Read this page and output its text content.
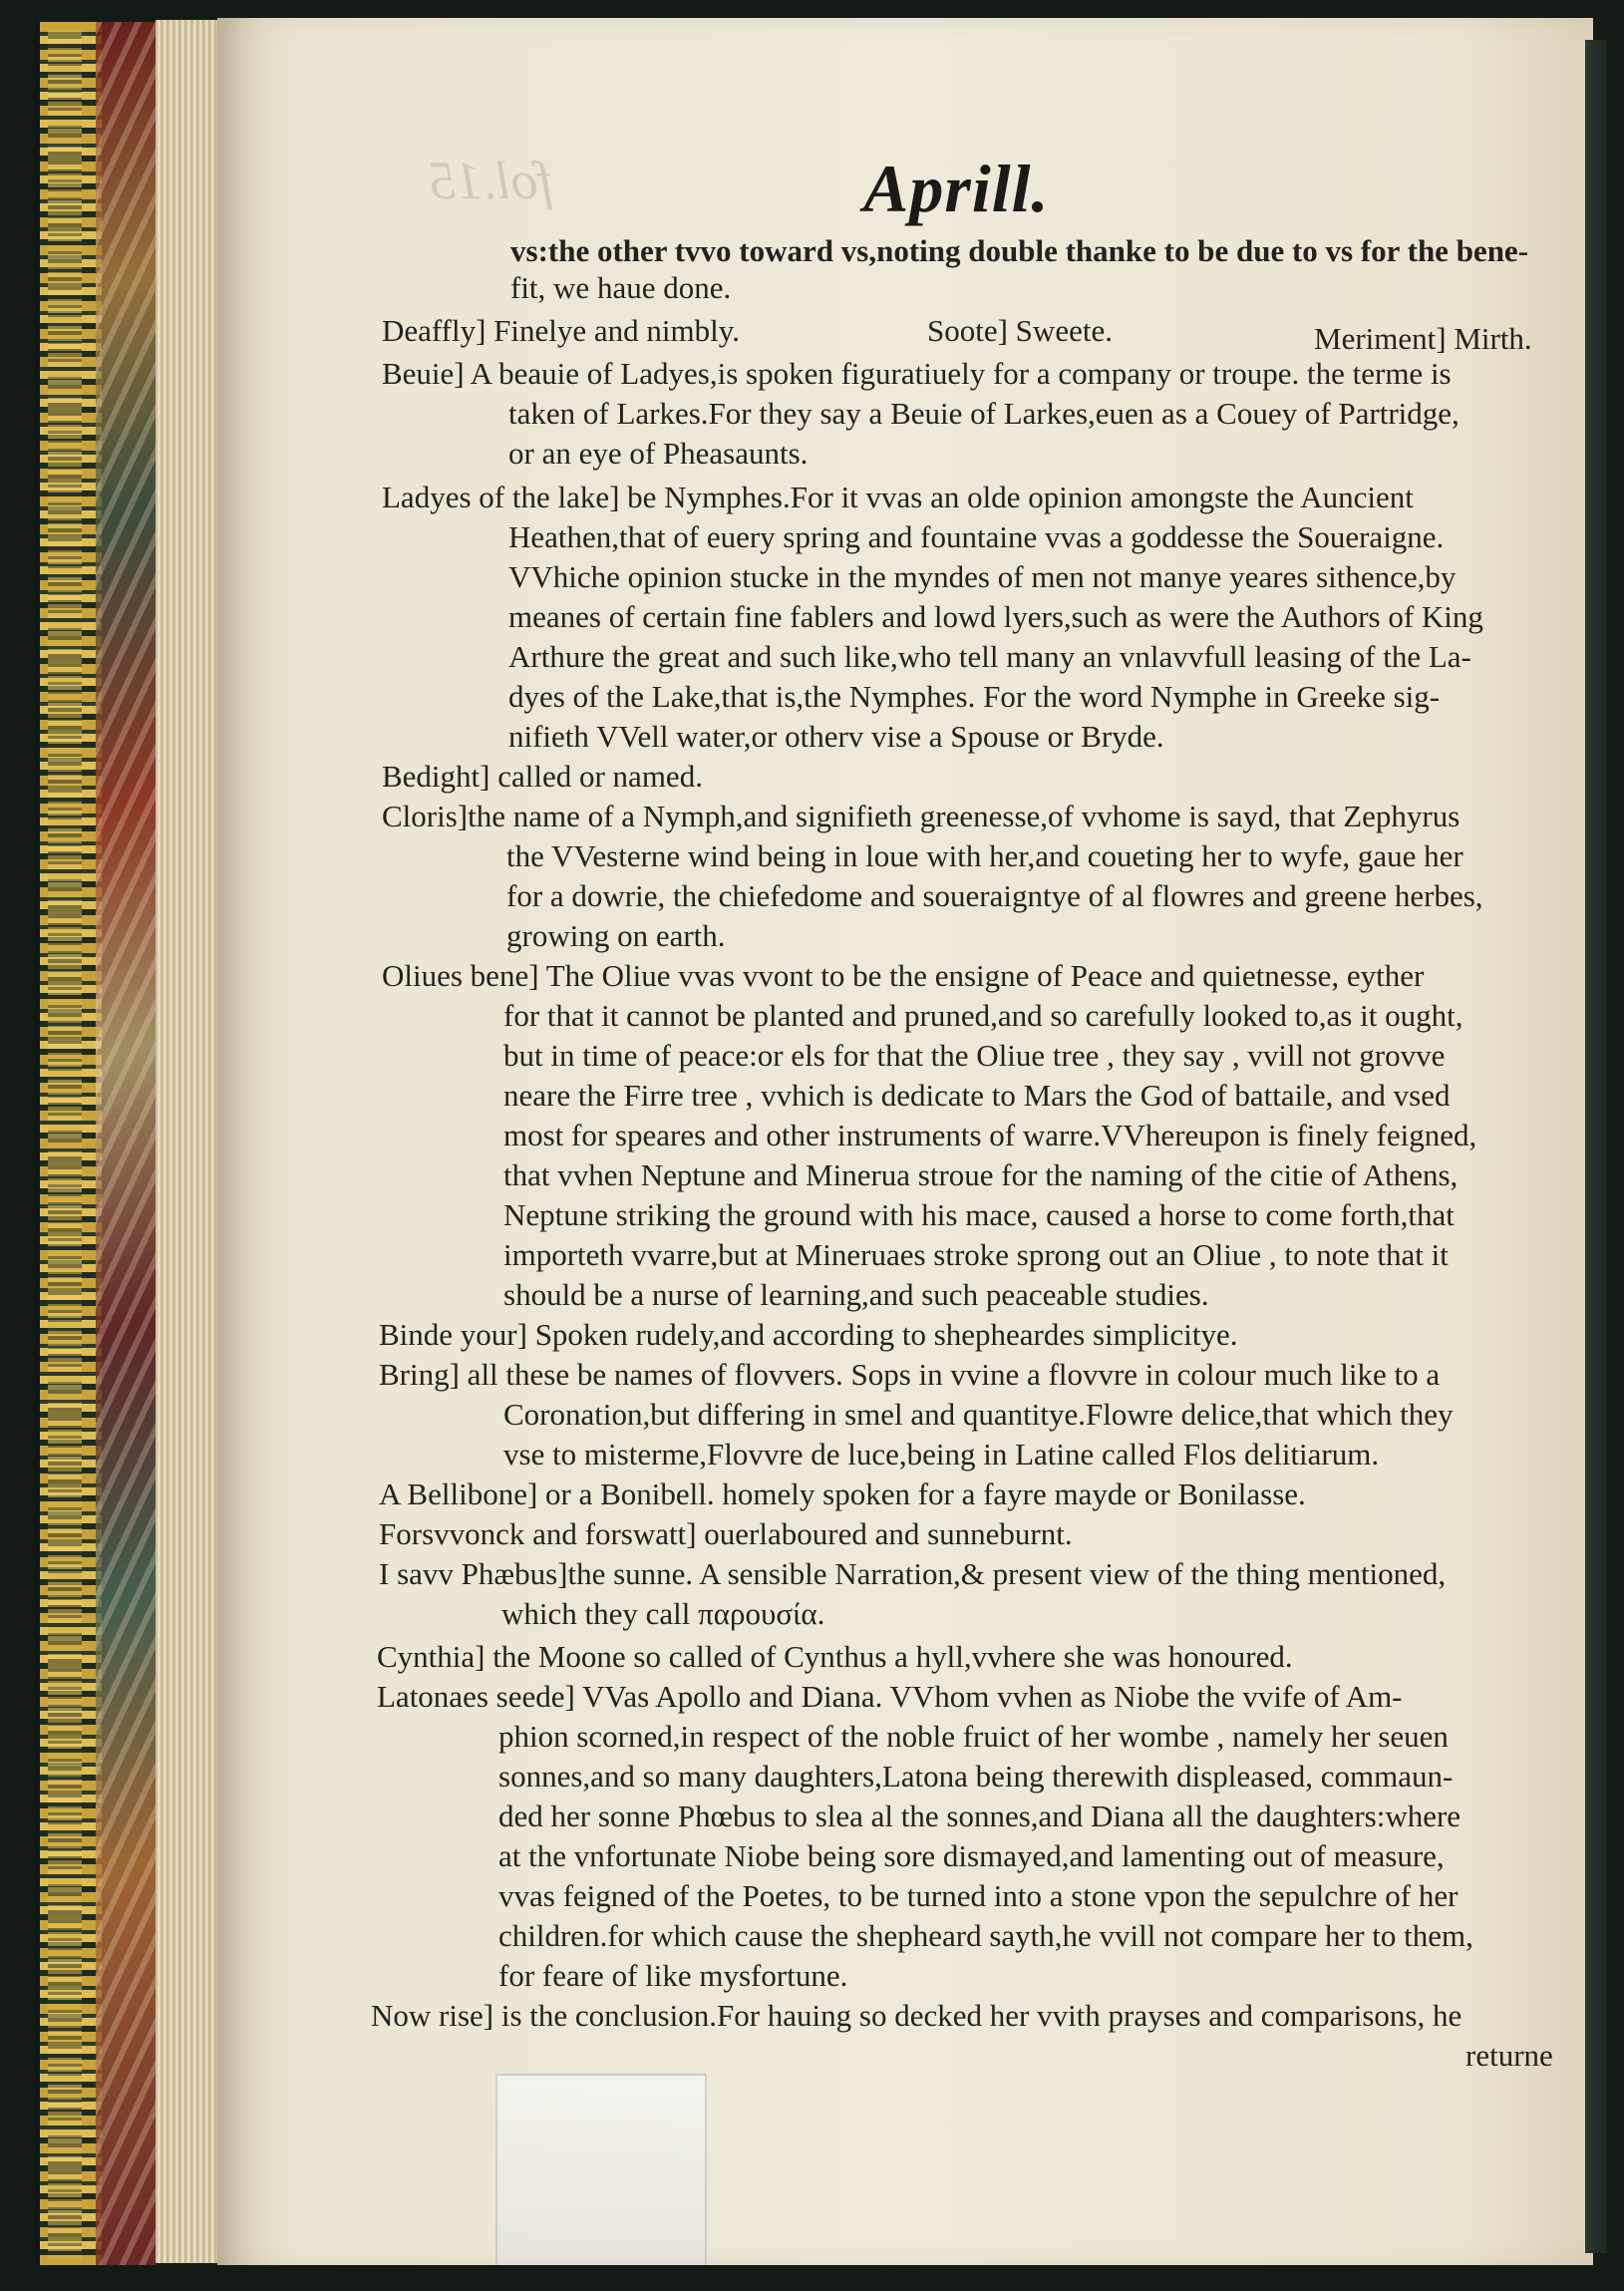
fol.15	Aprill.
vs:the other tvvo toward vs,noting double thanke to be due to vs for the bene-
fit, we haue done.
Deaffly] Finelye and nimbly.	Soote] Sweete.	Meriment] Mirth.
Beuie] A beauie of Ladyes,is spoken figuratiuely for a company or troupe. the terme is
taken of Larkes.For they say a Beuie of Larkes,euen as a Couey of Partridge,
or an eye of Pheasaunts.
Ladyes of the lake] be Nymphes.For it vvas an olde opinion amongste the Auncient
Heathen,that of euery spring and fountaine vvas a goddesse the Soueraigne.
VVhiche opinion stucke in the myndes of men not manye yeares sithence,by
meanes of certain fine fablers and lowd lyers,such as were the Authors of King
Arthure the great and such like,who tell many an vnlavvfull leasing of the La-
dyes of the Lake,that is,the Nymphes. For the word Nymphe in Greeke sig-
nifieth VVell water,or otherv vise a Spouse or Bryde.
Bedight] called or named.
Cloris]the name of a Nymph,and signifieth greenesse,of vvhome is sayd, that Zephyrus
the VVesterne wind being in loue with her,and coueting her to wyfe, gaue her
for a dowrie, the chiefedome and soueraigntye of al flowres and greene herbes,
growing on earth.
Oliues bene] The Oliue vvas vvont to be the ensigne of Peace and quietnesse, eyther
for that it cannot be planted and pruned,and so carefully looked to,as it ought,
but in time of peace:or els for that the Oliue tree , they say , vvill not grovve
neare the Firre tree , vvhich is dedicate to Mars the God of battaile, and vsed
most for speares and other instruments of warre.VVhereupon is finely feigned,
that vvhen Neptune and Minerua stroue for the naming of the citie of Athens,
Neptune striking the ground with his mace, caused a horse to come forth,that
importeth vvarre,but at Mineruaes stroke sprong out an Oliue , to note that it
should be a nurse of learning,and such peaceable studies.
Binde your] Spoken rudely,and according to shepheardes simplicitye.
Bring] all these be names of flovvers. Sops in vvine a flovvre in colour much like to a
Coronation,but differing in smel and quantitye.Flowre delice,that which they
vse to misterme,Flovvre de luce,being in Latine called Flos delitiarum.
A Bellibone] or a Bonibell. homely spoken for a fayre mayde or Bonilasse.
Forsvvonck and forswatt] ouerlaboured and sunneburnt.
I savv Phæbus]the sunne. A sensible Narration,& present view of the thing mentioned,
which they call παρουσία.
Cynthia] the Moone so called of Cynthus a hyll,vvhere she was honoured.
Latonaes seede] VVas Apollo and Diana. VVhom vvhen as Niobe the vvife of Am-
phion scorned,in respect of the noble fruict of her wombe , namely her seuen
sonnes,and so many daughters,Latona being therewith displeased, commaun-
ded her sonne Phœbus to slea al the sonnes,and Diana all the daughters:where
at the vnfortunate Niobe being sore dismayed,and lamenting out of measure,
vvas feigned of the Poetes, to be turned into a stone vpon the sepulchre of her
children.for which cause the shepheard sayth,he vvill not compare her to them,
for feare of like mysfortune.
Now rise] is the conclusion.For hauing so decked her vvith prayses and comparisons, he
returne
